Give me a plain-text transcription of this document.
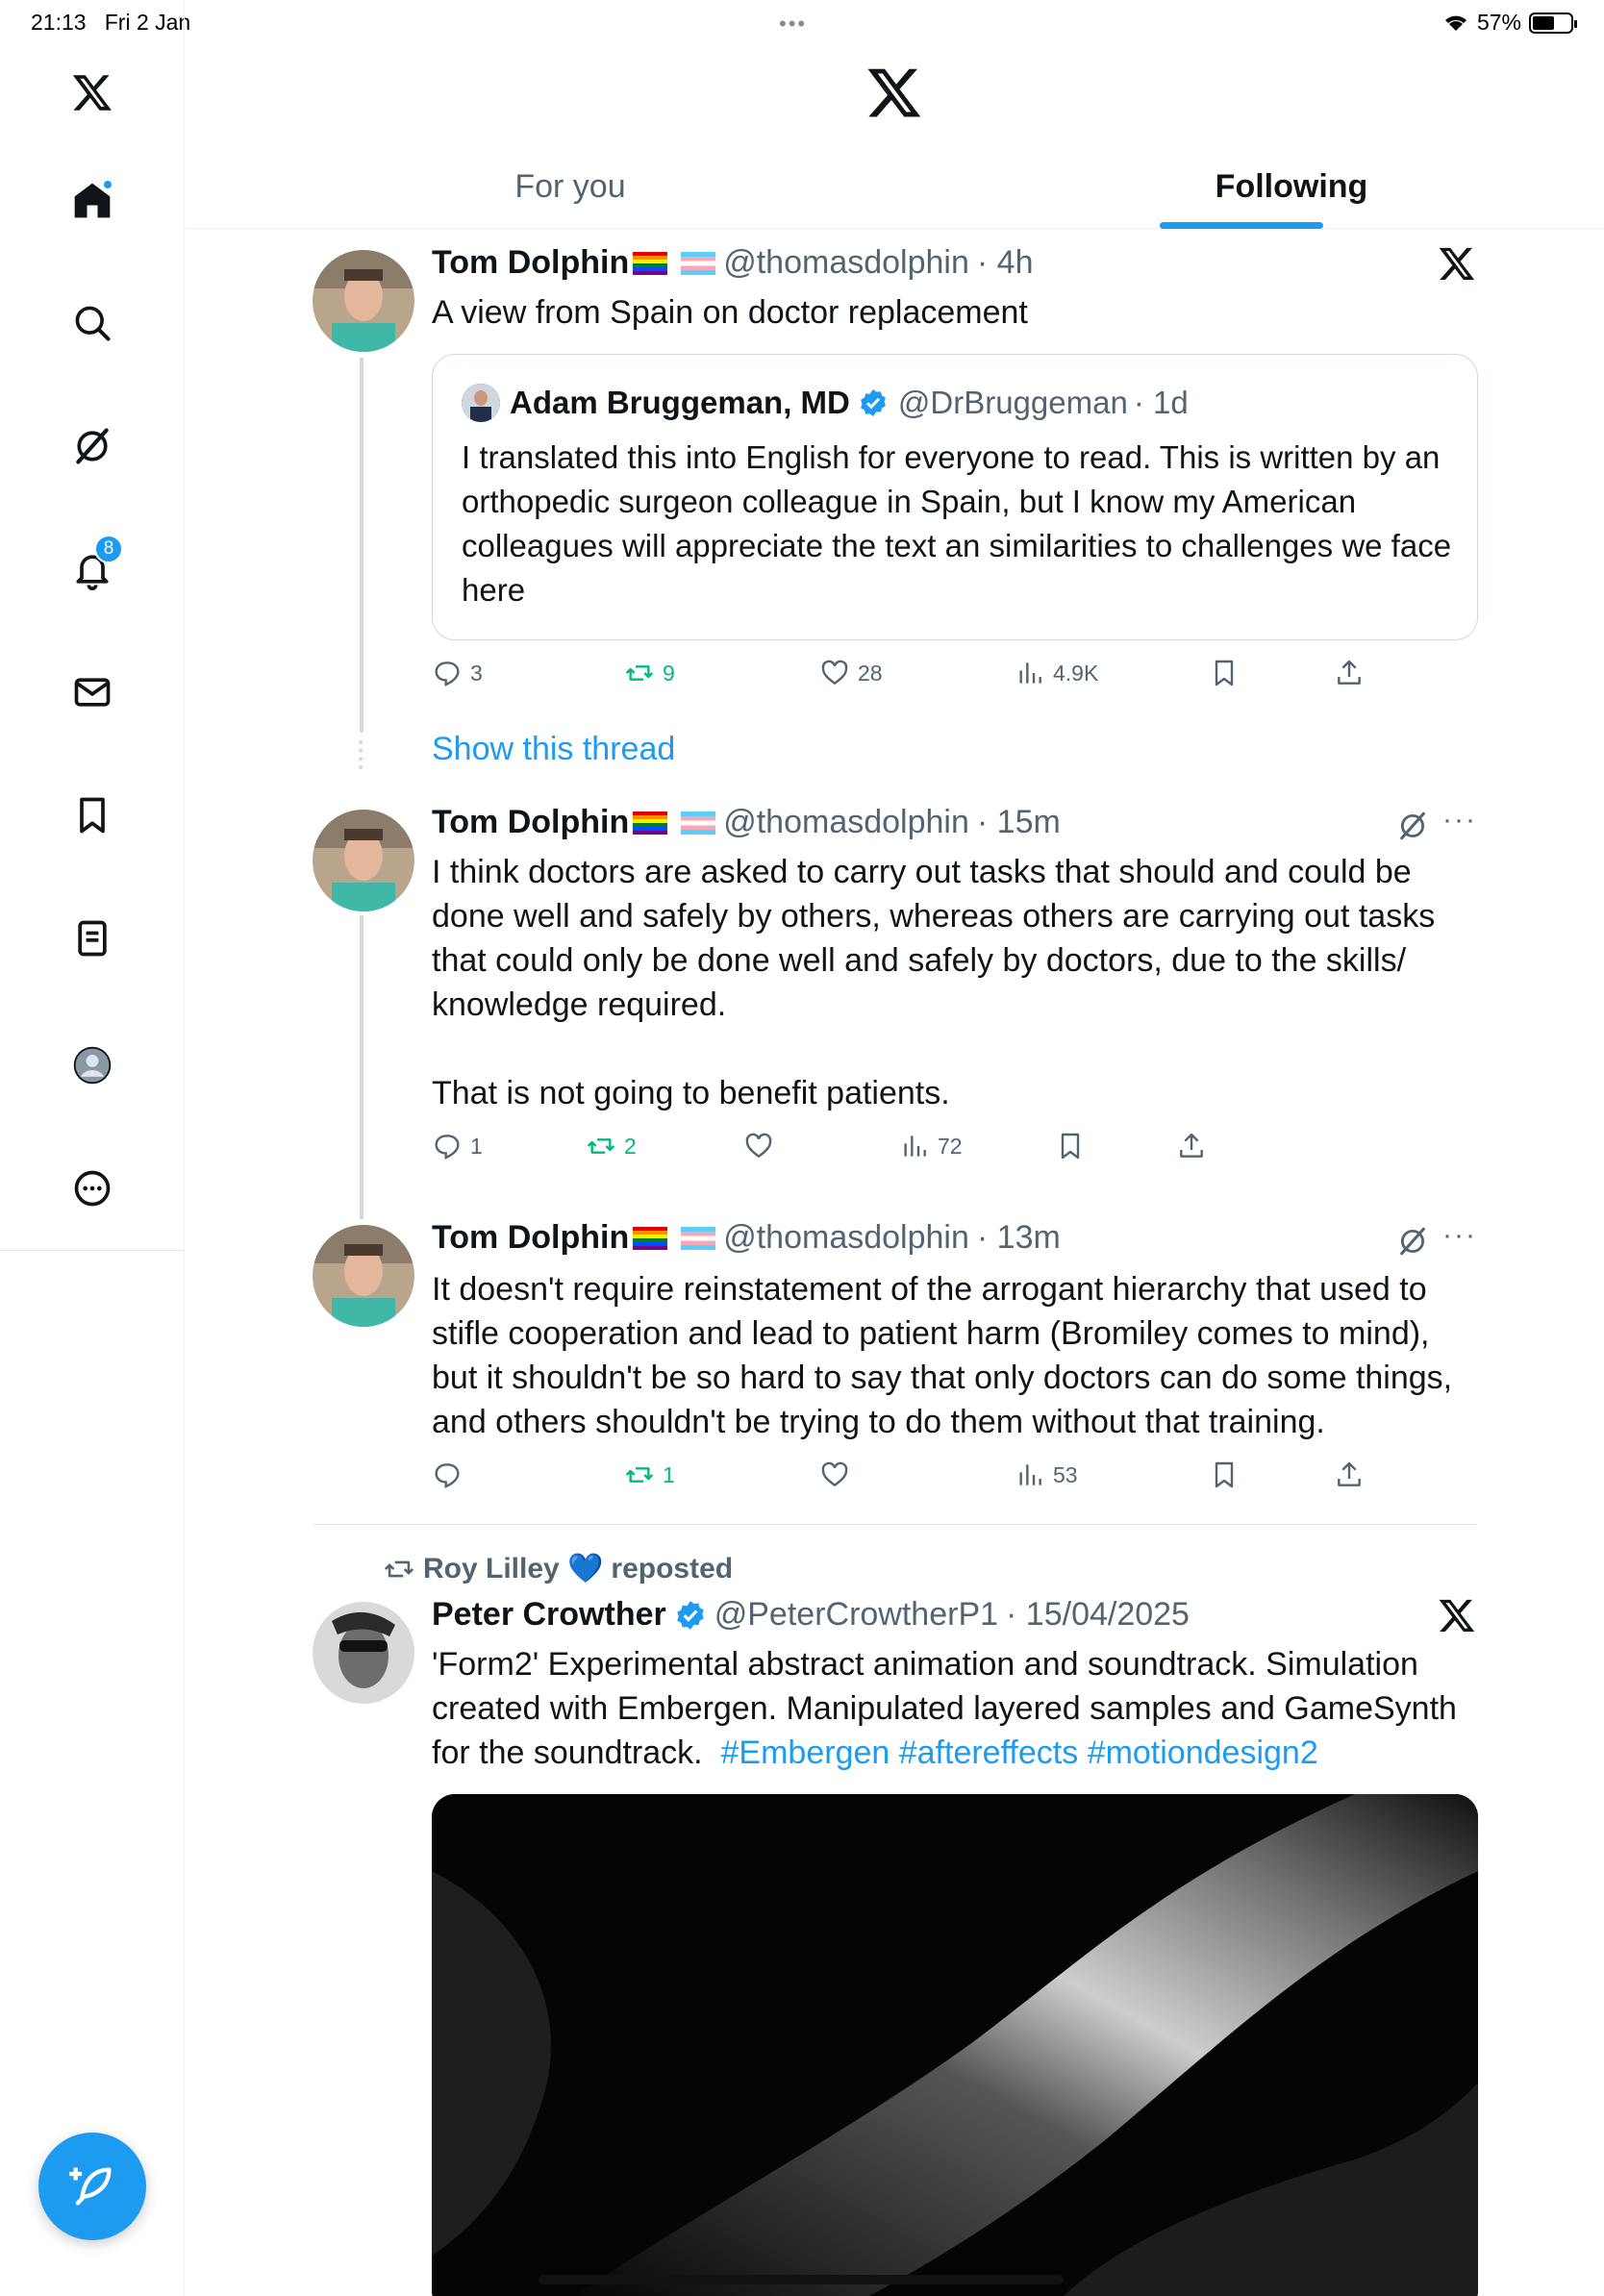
21:13 Fri 2 Jan	•••	57%
8
For you	Following
Tom Dolphin	@thomasdolphin · 4h
A view from Spain on doctor replacement
Adam Bruggeman, MD @DrBruggeman · 1d
I translated this into English for everyone to read. This is written by an orthopedic surgeon colleague in Spain, but I know my American colleagues will appreciate the text an similarities to challenges we face here
3	9	28	4.9K
Show this thread
Tom Dolphin	@thomasdolphin · 15m	···
I think doctors are asked to carry out tasks that should and could be done well and safely by others, whereas others are carrying out tasks that could only be done well and safely by doctors, due to the skills/ knowledge required.

That is not going to benefit patients.
1	2	72
Tom Dolphin	@thomasdolphin · 13m	···
It doesn't require reinstatement of the arrogant hierarchy that used to stifle cooperation and lead to patient harm (Bromiley comes to mind), but it shouldn't be so hard to say that only doctors can do some things, and others shouldn't be trying to do them without that training.
1	53
Roy Lilley 💙 reposted
Peter Crowther @PeterCrowtherP1 · 15/04/2025
'Form2' Experimental abstract animation and soundtrack. Simulation created with Embergen. Manipulated layered samples and GameSynth for the soundtrack. #Embergen #aftereffects #motiondesign2
